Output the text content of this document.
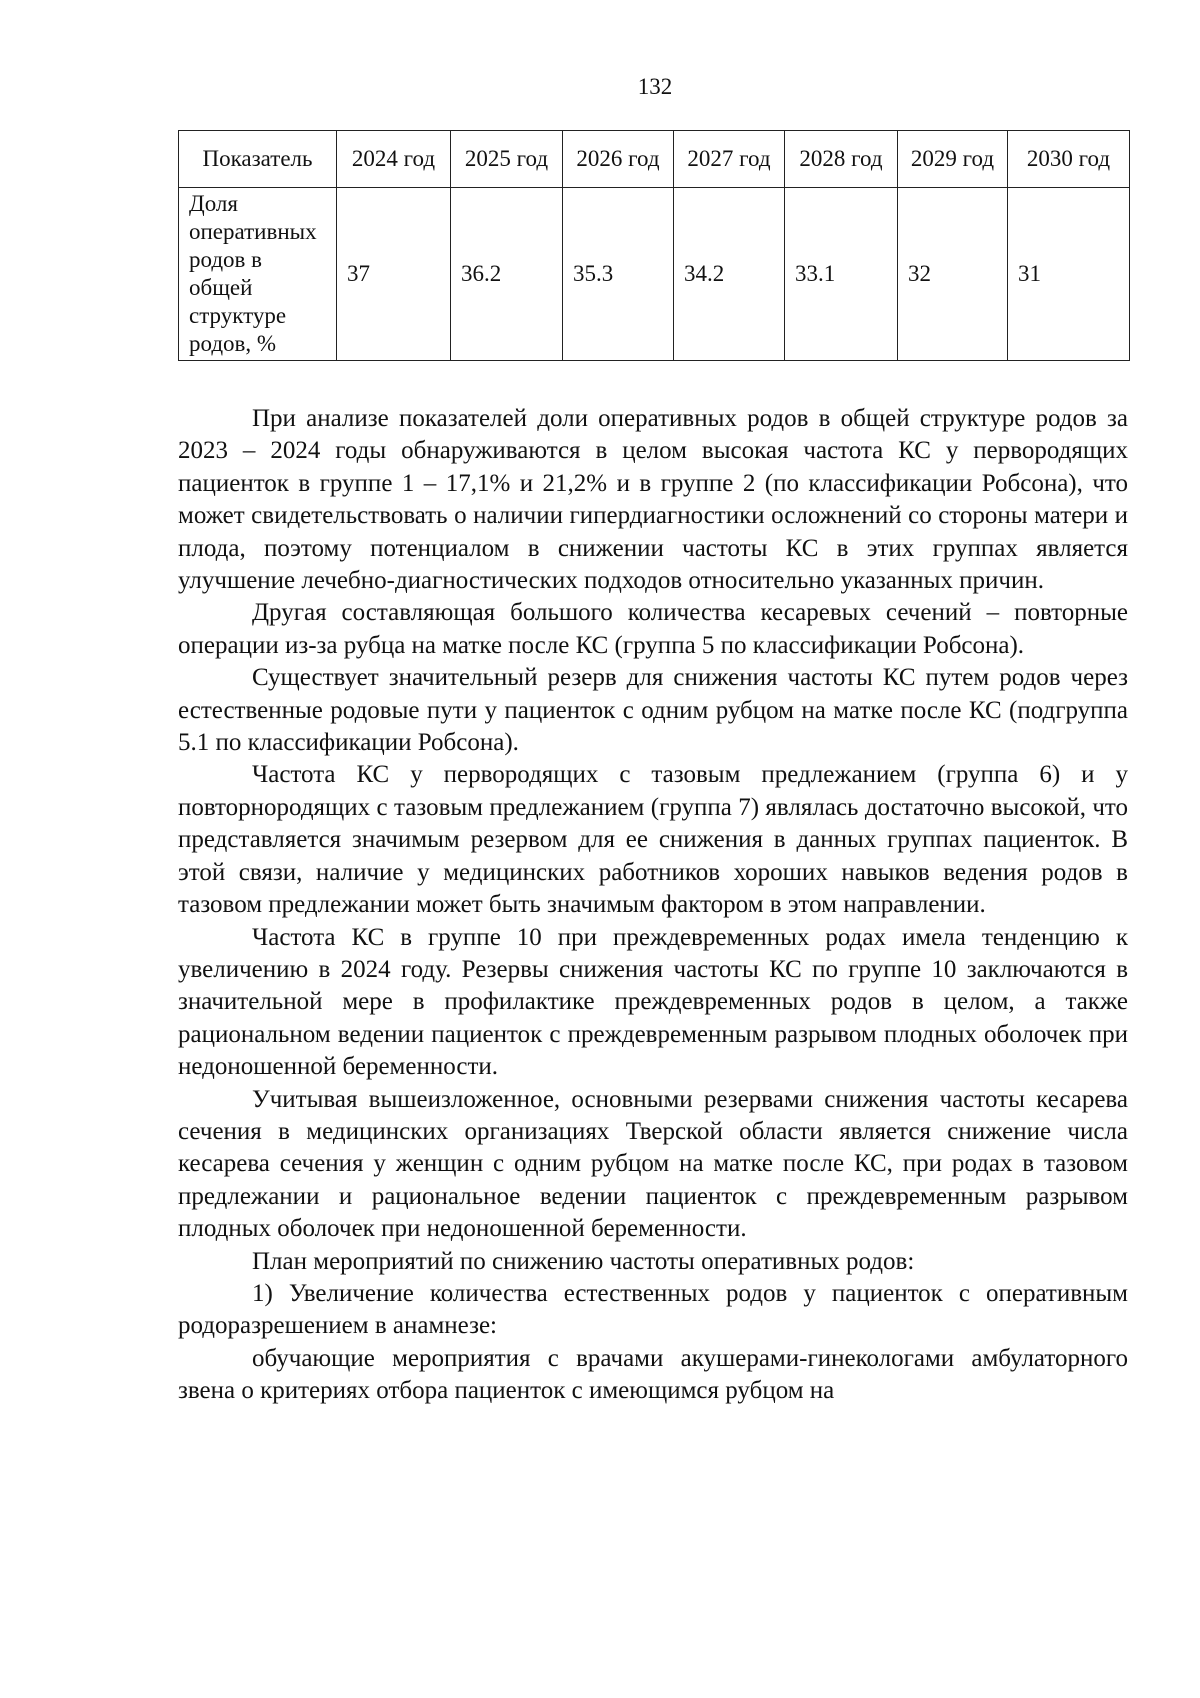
132
Показатель	2024 год	2025 год	2026 год	2027 год	2028 год	2029 год	2030 год
Доля оперативных родов в общей структуре родов, %	37	36.2	35.3	34.2	33.1	32	31

При анализе показателей доли оперативных родов в общей структуре родов за 2023 – 2024 годы обнаруживаются в целом высокая частота КС у первородящих пациенток в группе 1 – 17,1% и 21,2% и в группе 2 (по классификации Робсона), что может свидетельствовать о наличии гипердиагностики осложнений со стороны матери и плода, поэтому потенциалом в снижении частоты КС в этих группах является улучшение лечебно-диагностических подходов относительно указанных причин.

Другая составляющая большого количества кесаревых сечений – повторные операции из-за рубца на матке после КС (группа 5 по классификации Робсона).

Существует значительный резерв для снижения частоты КС путем родов через естественные родовые пути у пациенток с одним рубцом на матке после КС (подгруппа 5.1 по классификации Робсона).

Частота КС у первородящих с тазовым предлежанием (группа 6) и у повторнородящих с тазовым предлежанием (группа 7) являлась достаточно высокой, что представляется значимым резервом для ее снижения в данных группах пациенток. В этой связи, наличие у медицинских работников хороших навыков ведения родов в тазовом предлежании может быть значимым фактором в этом направлении.

Частота КС в группе 10 при преждевременных родах имела тенденцию к увеличению в 2024 году. Резервы снижения частоты КС по группе 10 заключаются в значительной мере в профилактике преждевременных родов в целом, а также рациональном ведении пациенток с преждевременным разрывом плодных оболочек при недоношенной беременности.

Учитывая вышеизложенное, основными резервами снижения частоты кесарева сечения в медицинских организациях Тверской области является снижение числа кесарева сечения у женщин с одним рубцом на матке после КС, при родах в тазовом предлежании и рациональное ведении пациенток с преждевременным разрывом плодных оболочек при недоношенной беременности.

План мероприятий по снижению частоты оперативных родов:

1) Увеличение количества естественных родов у пациенток с оперативным родоразрешением в анамнезе:

обучающие мероприятия с врачами акушерами-гинекологами амбулаторного звена о критериях отбора пациенток с имеющимся рубцом на
